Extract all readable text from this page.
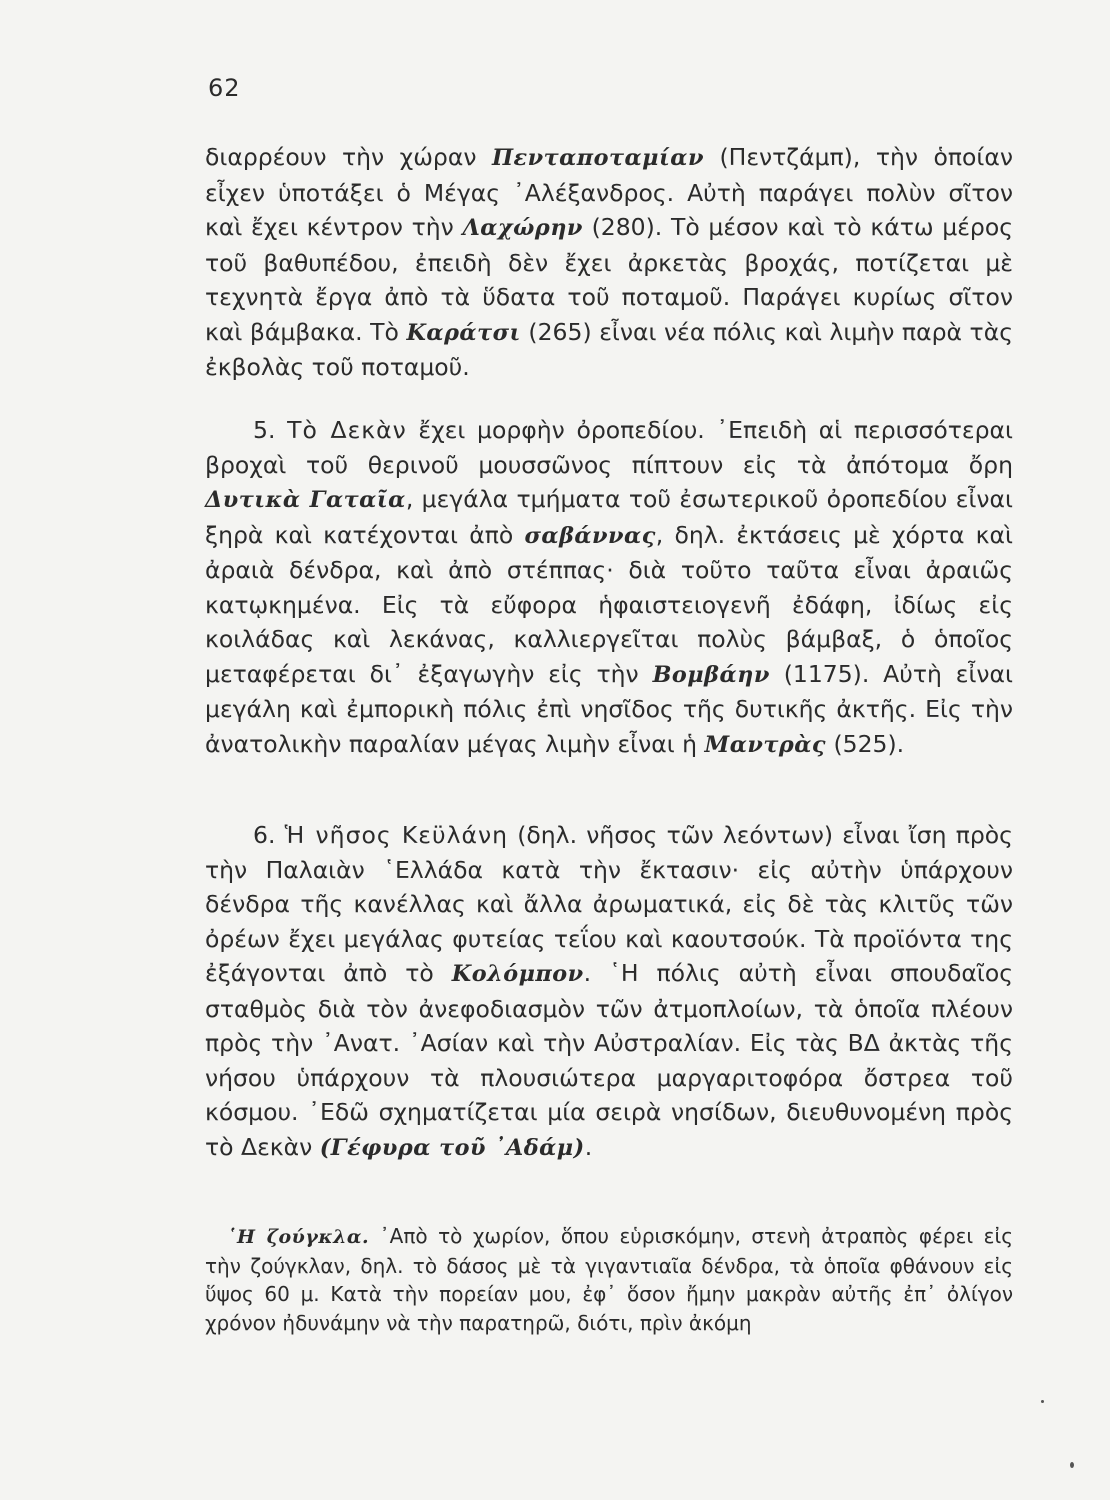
62

διαρρέουν τὴν χώραν Πενταποταμίαν (Πεντζάμπ), τὴν ὁποίαν εἶχεν ὑποτάξει ὁ Μέγας ᾿Αλέξανδρος. Αὐτὴ παράγει πολὺν σῖτον καὶ ἔχει κέντρον τὴν Λαχώρην (280). Τὸ μέσον καὶ τὸ κάτω μέρος τοῦ βαθυπέδου, ἐπειδὴ δὲν ἔχει ἀρκετὰς βροχάς, ποτίζεται μὲ τεχνητὰ ἔργα ἀπὸ τὰ ὕδατα τοῦ ποταμοῦ. Παράγει κυρίως σῖτον καὶ βάμβακα. Τὸ Καράτσι (265) εἶναι νέα πόλις καὶ λιμὴν παρὰ τὰς ἐκβολὰς τοῦ ποταμοῦ.

5. Τὸ Δεκὰν ἔχει μορφὴν ὀροπεδίου. ᾿Επειδὴ αἱ περισσότεραι βροχαὶ τοῦ θερινοῦ μουσσῶνος πίπτουν εἰς τὰ ἀπότομα ὄρη Δυτικὰ Γαταῖα, μεγάλα τμήματα τοῦ ἐσωτερικοῦ ὀροπεδίου εἶναι ξηρὰ καὶ κατέχονται ἀπὸ σαβάννας, δηλ. ἐκτάσεις μὲ χόρτα καὶ ἀραιὰ δένδρα, καὶ ἀπὸ στέππας· διὰ τοῦτο ταῦτα εἶναι ἀραιῶς κατῳκημένα. Εἰς τὰ εὔφορα ἡφαιστειογενῆ ἐδάφη, ἰδίως εἰς κοιλάδας καὶ λεκάνας, καλλιεργεῖται πολὺς βάμβαξ, ὁ ὁποῖος μεταφέρεται δι᾿ ἐξαγωγὴν εἰς τὴν Βομβάην (1175). Αὐτὴ εἶναι μεγάλη καὶ ἐμπορικὴ πόλις ἐπὶ νησῖδος τῆς δυτικῆς ἀκτῆς. Εἰς τὴν ἀνατολικὴν παραλίαν μέγας λιμὴν εἶναι ἡ Μαντρὰς (525).

6. Ἡ νῆσος Κεϋλάνη (δηλ. νῆσος τῶν λεόντων) εἶναι ἴση πρὸς τὴν Παλαιὰν ῾Ελλάδα κατὰ τὴν ἔκτασιν· εἰς αὐτὴν ὑπάρχουν δένδρα τῆς κανέλλας καὶ ἄλλα ἀρωματικά, εἰς δὲ τὰς κλιτῦς τῶν ὀρέων ἔχει μεγάλας φυτείας τεΐου καὶ καουτσούκ. Τὰ προϊόντα της ἐξάγονται ἀπὸ τὸ Κολόμπον. ῾Η πόλις αὐτὴ εἶναι σπουδαῖος σταθμὸς διὰ τὸν ἀνεφοδιασμὸν τῶν ἀτμοπλοίων, τὰ ὁποῖα πλέουν πρὸς τὴν ᾿Ανατ. ᾿Ασίαν καὶ τὴν Αὐστραλίαν. Εἰς τὰς ΒΔ ἀκτὰς τῆς νήσου ὑπάρχουν τὰ πλουσιώτερα μαργαριτοφόρα ὄστρεα τοῦ κόσμου. ᾿Εδῶ σχηματίζεται μία σειρὰ νησίδων, διευθυνομένη πρὸς τὸ Δεκὰν (Γέφυρα τοῦ ᾿Αδάμ).

῾Η ζούγκλα. ᾿Απὸ τὸ χωρίον, ὅπου εὑρισκόμην, στενὴ ἀτραπὸς φέρει εἰς τὴν ζούγκλαν, δηλ. τὸ δάσος μὲ τὰ γιγαντιαῖα δένδρα, τὰ ὁποῖα φθάνουν εἰς ὕψος 60 μ. Κατὰ τὴν πορείαν μου, ἐφ᾿ ὅσον ἤμην μακρὰν αὐτῆς ἐπ᾿ ὀλίγον χρόνον ἠδυνάμην νὰ τὴν παρατηρῶ, διότι, πρὶν ἀκόμη
